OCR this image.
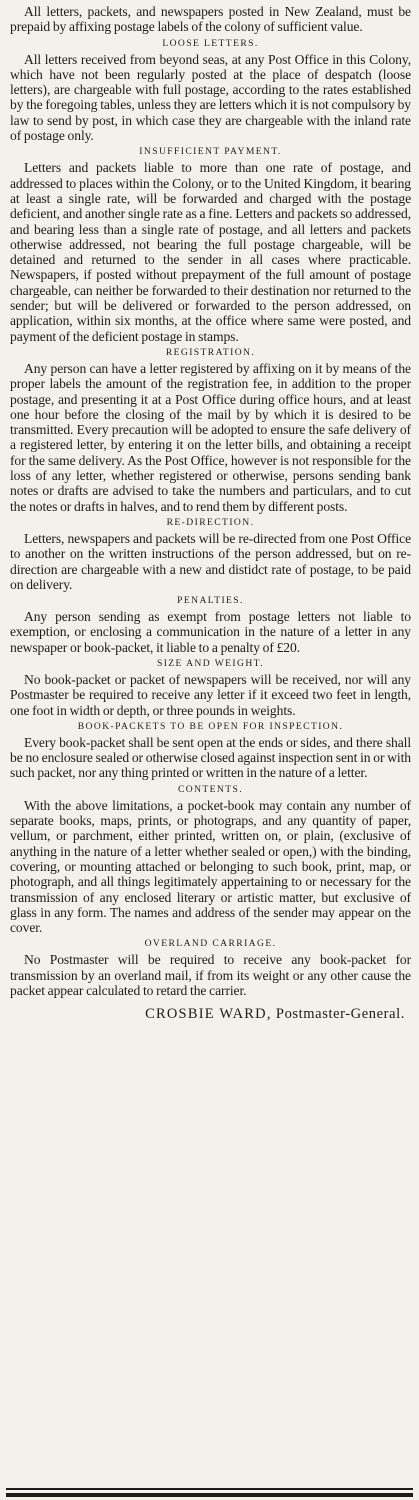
All letters, packets, and newspapers posted in New Zealand, must be prepaid by affixing postage labels of the colony of sufficient value.

LOOSE LETTERS.

All letters received from beyond seas, at any Post Office in this Colony, which have not been regularly posted at the place of despatch (loose letters), are chargeable with full postage, according to the rates established by the foregoing tables, unless they are letters which it is not compulsory by law to send by post, in which case they are chargeable with the inland rate of postage only.

INSUFFICIENT PAYMENT.

Letters and packets liable to more than one rate of postage, and addressed to places within the Colony, or to the United Kingdom, it bearing at least a single rate, will be forwarded and charged with the postage deficient, and another single rate as a fine. Letters and packets so addressed, and bearing less than a single rate of postage, and all letters and packets otherwise addressed, not bearing the full postage chargeable, will be detained and returned to the sender in all cases where practicable. Newspapers, if posted without prepayment of the full amount of postage chargeable, can neither be forwarded to their destination nor returned to the sender; but will be delivered or forwarded to the person addressed, on application, within six months, at the office where same were posted, and payment of the deficient postage in stamps.

REGISTRATION.

Any person can have a letter registered by affixing on it by means of the proper labels the amount of the registration fee, in addition to the proper postage, and presenting it at a Post Office during office hours, and at least one hour before the closing of the mail by by which it is desired to be transmitted. Every precaution will be adopted to ensure the safe delivery of a registered letter, by entering it on the letter bills, and obtaining a receipt for the same delivery. As the Post Office, however is not responsible for the loss of any letter, whether registered or otherwise, persons sending bank notes or drafts are advised to take the numbers and particulars, and to cut the notes or drafts in halves, and to rend them by different posts.

RE-DIRECTION.

Letters, newspapers and packets will be re-directed from one Post Office to another on the written instructions of the person addressed, but on re-direction are chargeable with a new and distidct rate of postage, to be paid on delivery.

PENALTIES.

Any person sending as exempt from postage letters not liable to exemption, or enclosing a communication in the nature of a letter in any newspaper or book-packet, it liable to a penalty of £20.

SIZE AND WEIGHT.

No book-packet or packet of newspapers will be received, nor will any Postmaster be required to receive any letter if it exceed two feet in length, one foot in width or depth, or three pounds in weights.

BOOK-PACKETS TO BE OPEN FOR INSPECTION.

Every book-packet shall be sent open at the ends or sides, and there shall be no enclosure sealed or otherwise closed against inspection sent in or with such packet, nor any thing printed or written in the nature of a letter.

CONTENTS.

With the above limitations, a pocket-book may contain any number of separate books, maps, prints, or photograps, and any quantity of paper, vellum, or parchment, either printed, written on, or plain, (exclusive of anything in the nature of a letter whether sealed or open,) with the binding, covering, or mounting attached or belonging to such book, print, map, or photograph, and all things legitimately appertaining to or necessary for the transmission of any enclosed literary or artistic matter, but exclusive of glass in any form. The names and address of the sender may appear on the cover.

OVERLAND CARRIAGE.

No Postmaster will be required to receive any book-packet for transmission by an overland mail, if from its weight or any other cause the packet appear calculated to retard the carrier.

CROSBIE WARD, Postmaster-General.
